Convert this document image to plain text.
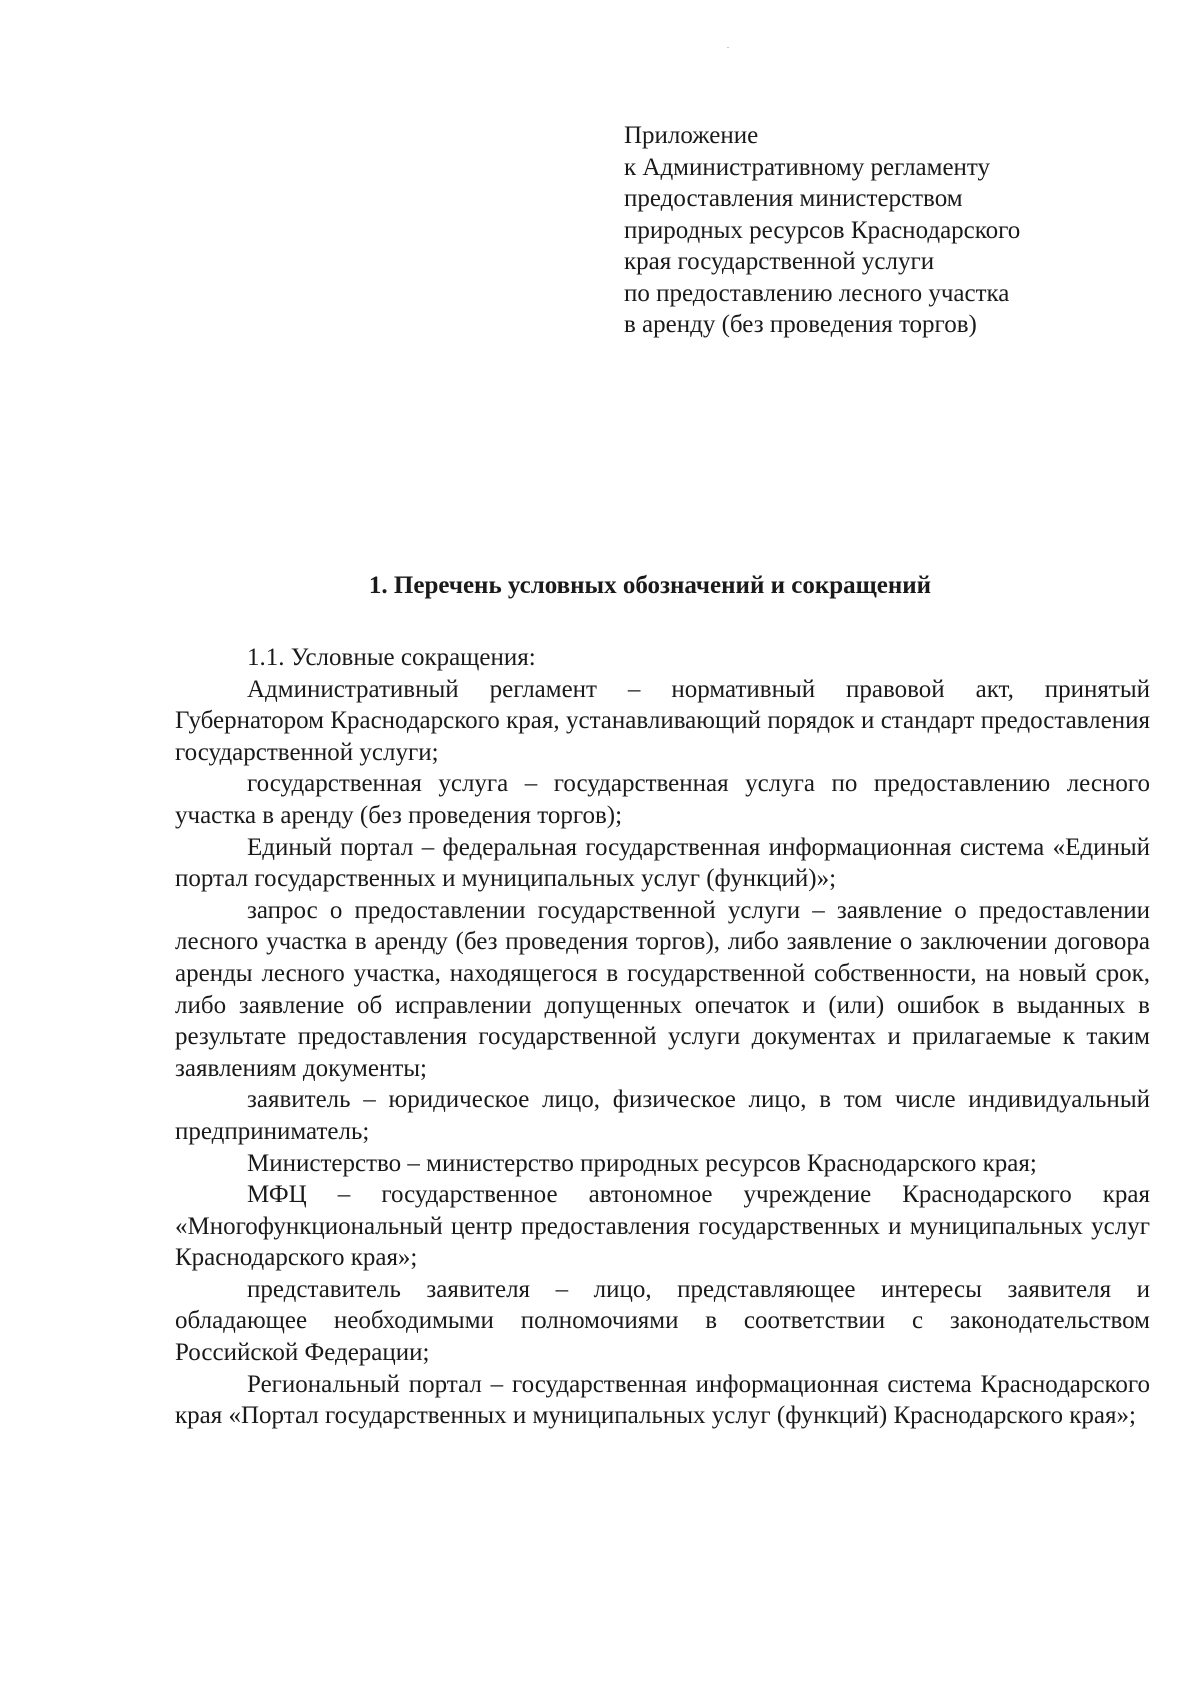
Приложение
к Административному регламенту
предоставления министерством
природных ресурсов Краснодарского
края государственной услуги
по предоставлению лесного участка
в аренду (без проведения торгов)
1. Перечень условных обозначений и сокращений

1.1. Условные сокращения:

Административный регламент – нормативный правовой акт, принятый Губернатором Краснодарского края, устанавливающий порядок и стандарт предоставления государственной услуги;

государственная услуга – государственная услуга по предоставлению лесного участка в аренду (без проведения торгов);

Единый портал – федеральная государственная информационная система «Единый портал государственных и муниципальных услуг (функций)»;

запрос о предоставлении государственной услуги – заявление о предоставлении лесного участка в аренду (без проведения торгов), либо заявление о заключении договора аренды лесного участка, находящегося в государственной собственности, на новый срок, либо заявление об исправлении допущенных опечаток и (или) ошибок в выданных в результате предоставления государственной услуги документах и прилагаемые к таким заявлениям документы;

заявитель – юридическое лицо, физическое лицо, в том числе индивидуальный предприниматель;

Министерство – министерство природных ресурсов Краснодарского края;

МФЦ – государственное автономное учреждение Краснодарского края «Многофункциональный центр предоставления государственных и муниципальных услуг Краснодарского края»;

представитель заявителя – лицо, представляющее интересы заявителя и обладающее необходимыми полномочиями в соответствии с законодательством Российской Федерации;

Региональный портал – государственная информационная система Краснодарского края «Портал государственных и муниципальных услуг (функций) Краснодарского края»;
